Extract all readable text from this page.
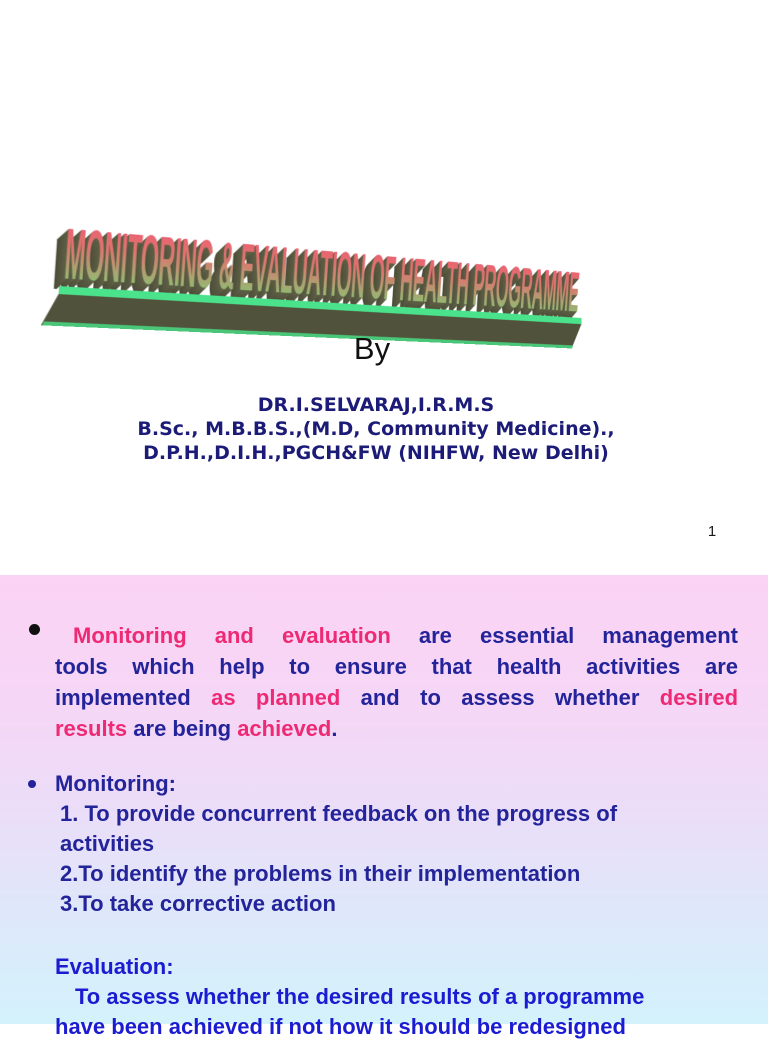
By
DR.I.SELVARAJ,I.R.M.S
B.Sc., M.B.B.S.,(M.D, Community Medicine).,
D.P.H.,D.I.H.,PGCH&FW (NIHFW, New Delhi)
1
Monitoring and evaluation are essential management
tools which help to ensure that health activities are
implemented as planned and to assess whether desired
results are being achieved.
Monitoring:
1. To provide concurrent feedback on the progress of
activities
2.To identify the problems in their implementation
3.To take corrective action
Evaluation:
To assess whether the desired results of a programme
have been achieved if not how it should be redesigned
